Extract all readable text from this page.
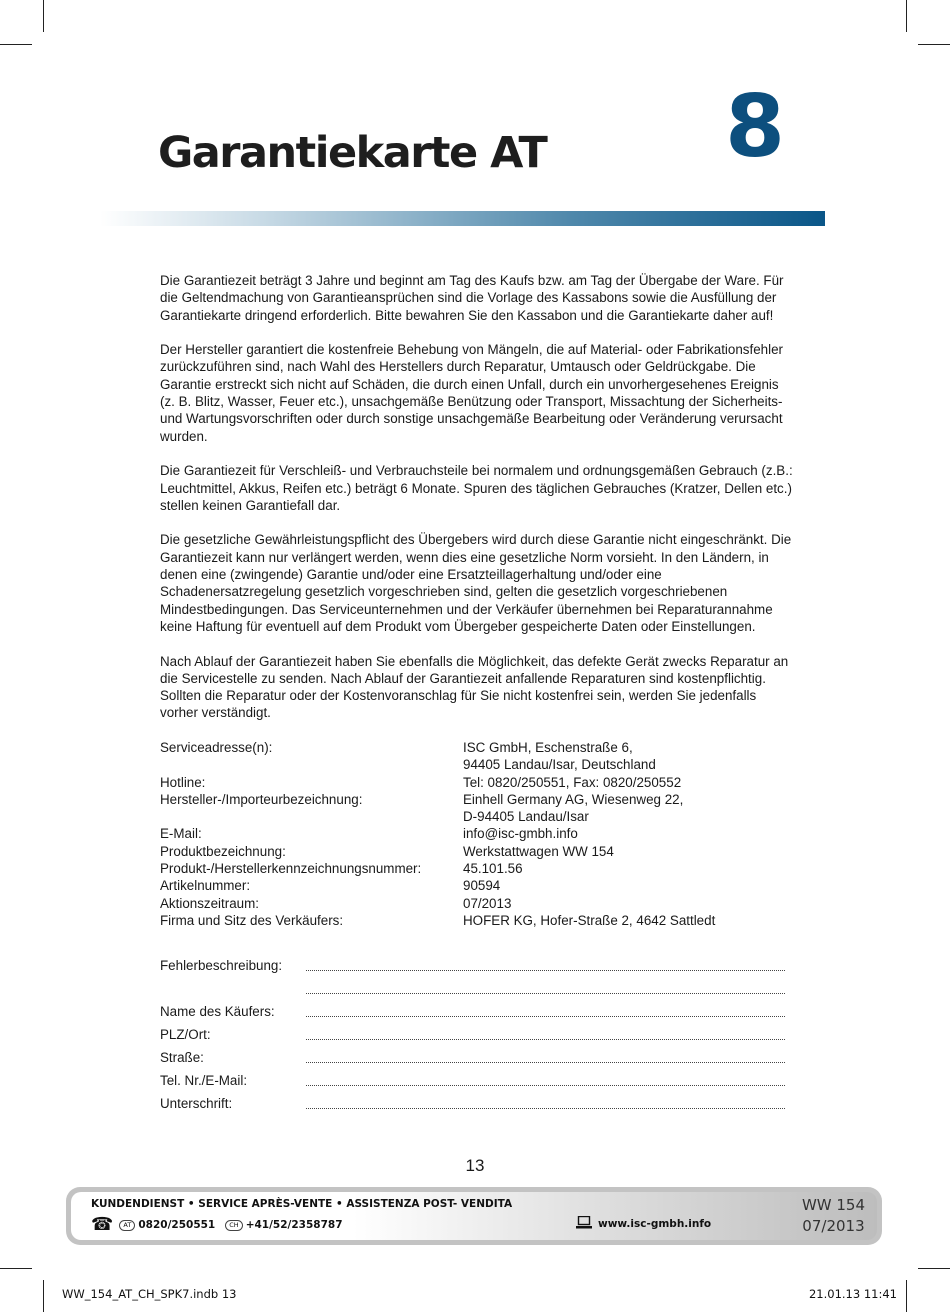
Garantiekarte AT 8

Die Garantiezeit beträgt 3 Jahre und beginnt am Tag des Kaufs bzw. am Tag der Übergabe der Ware. Für die Geltendmachung von Garantieansprüchen sind die Vorlage des Kassabons sowie die Ausfüllung der Garantiekarte dringend erforderlich. Bitte bewahren Sie den Kassabon und die Garantiekarte daher auf!

Der Hersteller garantiert die kostenfreie Behebung von Mängeln, die auf Material- oder Fabrikationsfehler zurückzuführen sind, nach Wahl des Herstellers durch Reparatur, Umtausch oder Geldrückgabe. Die Garantie erstreckt sich nicht auf Schäden, die durch einen Unfall, durch ein unvorhergesehenes Ereignis (z. B. Blitz, Wasser, Feuer etc.), unsachgemäße Benützung oder Transport, Missachtung der Sicherheits- und Wartungsvorschriften oder durch sonstige unsachgemäße Bearbeitung oder Veränderung verursacht wurden.

Die Garantiezeit für Verschleiß- und Verbrauchsteile bei normalem und ordnungsgemäßen Gebrauch (z.B.: Leuchtmittel, Akkus, Reifen etc.) beträgt 6 Monate. Spuren des täglichen Gebrauches (Kratzer, Dellen etc.) stellen keinen Garantiefall dar.

Die gesetzliche Gewährleistungspflicht des Übergebers wird durch diese Garantie nicht eingeschränkt. Die Garantiezeit kann nur verlängert werden, wenn dies eine gesetzliche Norm vorsieht. In den Ländern, in denen eine (zwingende) Garantie und/oder eine Ersatzteillagerhaltung und/oder eine Schadenersatzregelung gesetzlich vorgeschrieben sind, gelten die gesetzlich vorgeschriebenen Mindestbedingungen. Das Serviceunternehmen und der Verkäufer übernehmen bei Reparaturannahme keine Haftung für eventuell auf dem Produkt vom Übergeber gespeicherte Daten oder Einstellungen.

Nach Ablauf der Garantiezeit haben Sie ebenfalls die Möglichkeit, das defekte Gerät zwecks Reparatur an die Servicestelle zu senden. Nach Ablauf der Garantiezeit anfallende Reparaturen sind kostenpflichtig. Sollten die Reparatur oder der Kostenvoranschlag für Sie nicht kostenfrei sein, werden Sie jedenfalls vorher verständigt.

Serviceadresse(n):	ISC GmbH, Eschenstraße 6,
94405 Landau/Isar, Deutschland
Hotline:	Tel: 0820/250551, Fax: 0820/250552
Hersteller-/Importeurbezeichnung:	Einhell Germany AG, Wiesenweg 22,
D-94405 Landau/Isar
E-Mail:	info@isc-gmbh.info
Produktbezeichnung:	Werkstattwagen WW 154
Produkt-/Herstellerkennzeichnungsnummer:	45.101.56
Artikelnummer:	90594
Aktionszeitraum:	07/2013
Firma und Sitz des Verkäufers:	HOFER KG, Hofer-Straße 2, 4642 Sattledt
Fehlerbeschreibung:
Name des Käufers:
PLZ/Ort:
Straße:
Tel. Nr./E-Mail:
Unterschrift:
13
KUNDENDIENST • SERVICE APRÈS-VENTE • ASSISTENZA POST- VENDITA
☎	AT 0820/250551	CH +41/52/2358787	www.isc-gmbh.info
WW 154
07/2013
WW_154_AT_CH_SPK7.indb 13	21.01.13 11:41
